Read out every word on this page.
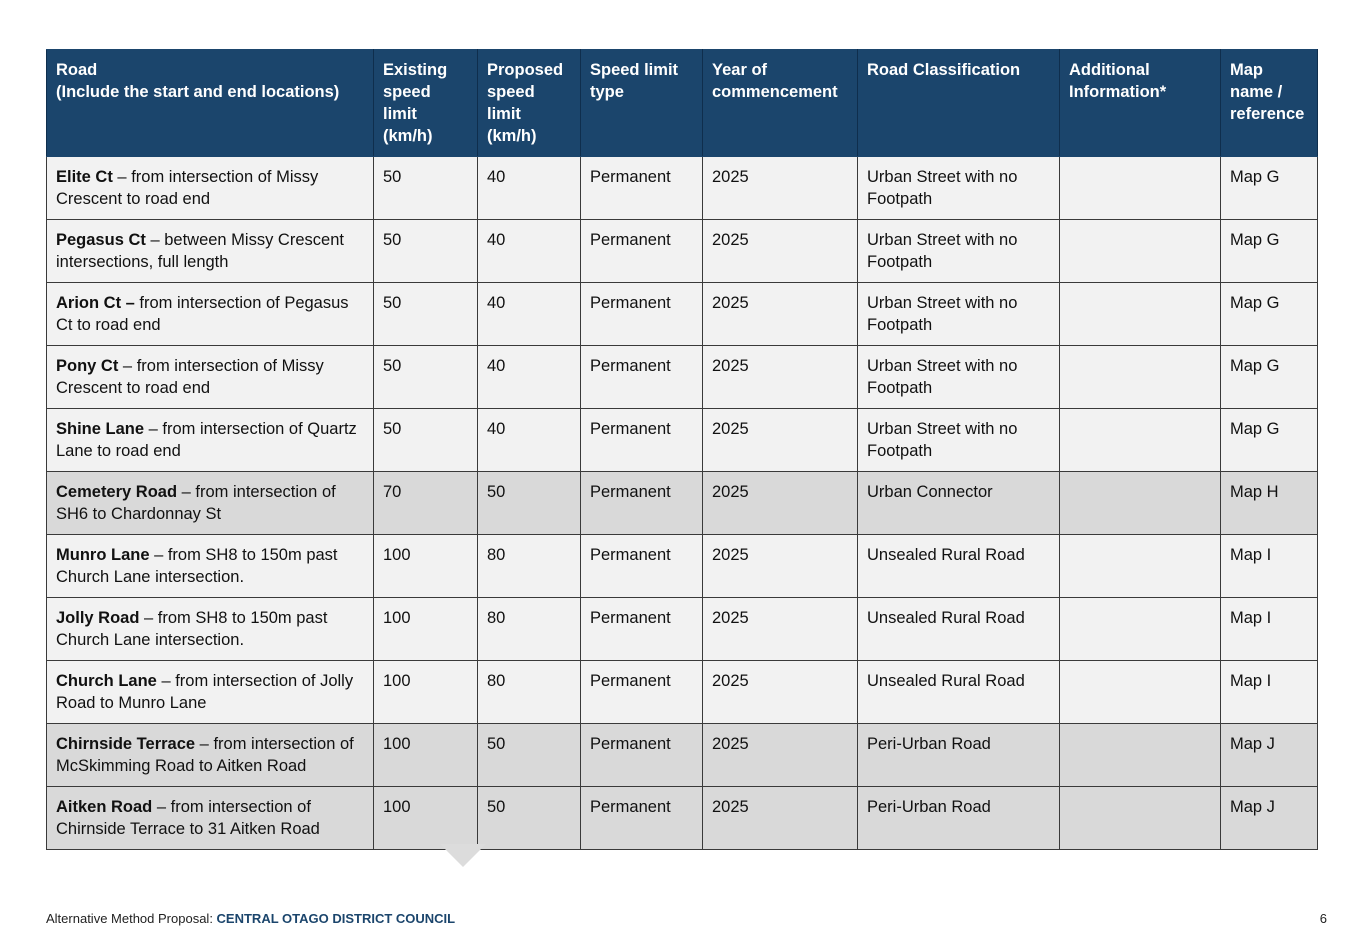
Road
(Include the start and end locations)	Existing speed limit (km/h)	Proposed speed limit (km/h)	Speed limit type	Year of commencement	Road Classification	Additional Information*	Map name / reference
Elite Ct – from intersection of Missy Crescent to road end	50	40	Permanent	2025	Urban Street with no Footpath		Map G
Pegasus Ct – between Missy Crescent intersections, full length	50	40	Permanent	2025	Urban Street with no Footpath		Map G
Arion Ct – from intersection of Pegasus Ct to road end	50	40	Permanent	2025	Urban Street with no Footpath		Map G
Pony Ct – from intersection of Missy Crescent to road end	50	40	Permanent	2025	Urban Street with no Footpath		Map G
Shine Lane – from intersection of Quartz Lane to road end	50	40	Permanent	2025	Urban Street with no Footpath		Map G
Cemetery Road – from intersection of SH6 to Chardonnay St	70	50	Permanent	2025	Urban Connector		Map H
Munro Lane – from SH8 to 150m past Church Lane intersection.	100	80	Permanent	2025	Unsealed Rural Road		Map I
Jolly Road – from SH8 to 150m past Church Lane intersection.	100	80	Permanent	2025	Unsealed Rural Road		Map I
Church Lane – from intersection of Jolly Road to Munro Lane	100	80	Permanent	2025	Unsealed Rural Road		Map I
Chirnside Terrace – from intersection of McSkimming Road to Aitken Road	100	50	Permanent	2025	Peri-Urban Road		Map J
Aitken Road – from intersection of Chirnside Terrace to 31 Aitken Road	100	50	Permanent	2025	Peri-Urban Road		Map J
Alternative Method Proposal: CENTRAL OTAGO DISTRICT COUNCIL	6
